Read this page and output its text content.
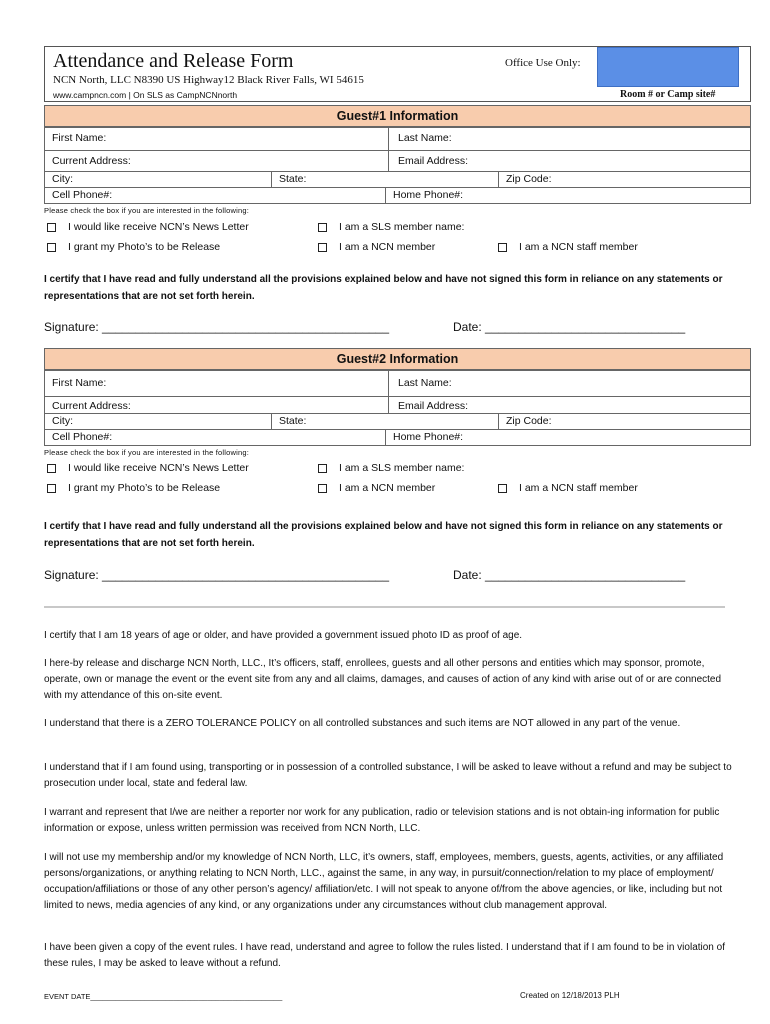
Attendance and Release Form
NCN North, LLC N8390 US Highway12 Black River Falls, WI 54615
www.campncn.com | On SLS as CampNCNnorth
Office Use Only:
Room # or Camp site#
Guest#1 Information
First Name:	Last Name:
Current Address:	Email Address:
City:	State:	Zip Code:
Cell Phone#:	Home Phone#:
Please check the box if you are interested in the following:
I would like receive NCN’s News Letter
I grant my Photo’s to be Release
I am a SLS member name:
I am a NCN member	I am a NCN staff member
I certify that I have read and fully understand all the provisions explained below and have not signed this form in reliance on any statements or representations that are not set forth herein.
Signature: ___________________________________________	Date: ______________________________
Guest#2 Information
First Name:	Last Name:
Current Address:	Email Address:
City:	State:	Zip Code:
Cell Phone#:	Home Phone#:
Please check the box if you are interested in the following:
I would like receive NCN’s News Letter
I grant my Photo’s to be Release
I am a SLS member name:
I am a NCN member	I am a NCN staff member
I certify that I have read and fully understand all the provisions explained below and have not signed this form in reliance on any statements or representations that are not set forth herein.
Signature: ___________________________________________	Date: ______________________________
I certify that I am 18 years of age or older, and have provided a government issued photo ID as proof of age.
I here-by release and discharge NCN North, LLC., It’s officers, staff, enrollees, guests and all other persons and entities which may sponsor, promote, operate, own or manage the event or the event site from any and all claims, damages, and causes of action of any kind with arise out of or are connected with my attendance of this on-site event.
I understand that there is a ZERO TOLERANCE POLICY on all controlled substances and such items are NOT allowed in any part of the venue.
I understand that if I am found using, transporting or in possession of a controlled substance, I will be asked to leave without a refund and may be subject to prosecution under local, state and federal law.
I warrant and represent that I/we are neither a reporter nor work for any publication, radio or television stations and is not obtain-ing information for public information or expose, unless written permission was received from NCN North, LLC.
I will not use my membership and/or my knowledge of NCN North, LLC, it’s owners, staff, employees, members, guests, agents, activities, or any affiliated persons/organizations, or anything relating to NCN North, LLC., against the same, in any way, in pursuit/connection/relation to my place of employment/ occupation/affiliations or those of any other person’s agency/ affiliation/etc. I will not speak to anyone of/from the above agencies, or like, including but not limited to news, media agencies of any kind, or any organizations under any circumstances without club management approval.
I have been given a copy of the event rules. I have read, understand and agree to follow the rules listed. I understand that if I am found to be in violation of these rules, I may be asked to leave without a refund.
EVENT DATE______________________________________________	Created on 12/18/2013 PLH
